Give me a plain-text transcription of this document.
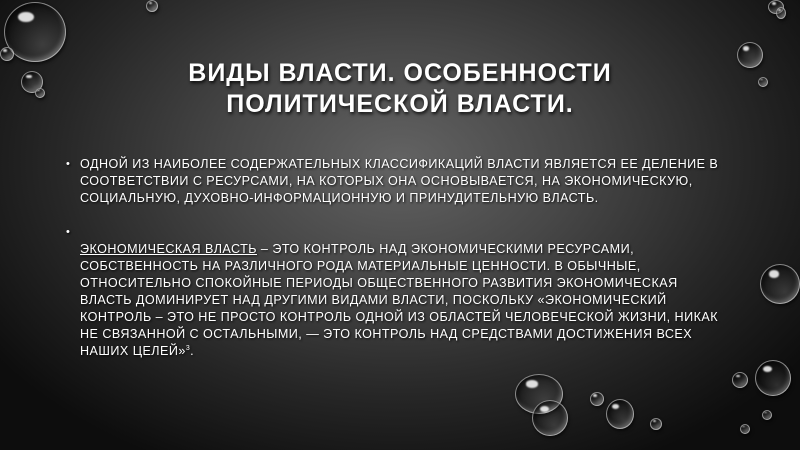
ВИДЫ ВЛАСТИ. ОСОБЕННОСТИ
ПОЛИТИЧЕСКОЙ ВЛАСТИ.
• ОДНОЙ ИЗ НАИБОЛЕЕ СОДЕРЖАТЕЛЬНЫХ КЛАССИФИКАЦИЙ ВЛАСТИ ЯВЛЯЕТСЯ ЕЕ ДЕЛЕНИЕ В СООТВЕТСТВИИ С РЕСУРСАМИ, НА КОТОРЫХ ОНА ОСНОВЫВАЕТСЯ, НА ЭКОНОМИЧЕСКУЮ, СОЦИАЛЬНУЮ, ДУХОВНО-ИНФОРМАЦИОННУЮ И ПРИНУДИТЕЛЬНУЮ ВЛАСТЬ.
• ЭКОНОМИЧЕСКАЯ ВЛАСТЬ – ЭТО КОНТРОЛЬ НАД ЭКОНОМИЧЕСКИМИ РЕСУРСАМИ, СОБСТВЕННОСТЬ НА РАЗЛИЧНОГО РОДА МАТЕРИАЛЬНЫЕ ЦЕННОСТИ. В ОБЫЧНЫЕ, ОТНОСИТЕЛЬНО СПОКОЙНЫЕ ПЕРИОДЫ ОБЩЕСТВЕННОГО РАЗВИТИЯ ЭКОНОМИЧЕСКАЯ ВЛАСТЬ ДОМИНИРУЕТ НАД ДРУГИМИ ВИДАМИ ВЛАСТИ, ПОСКОЛЬКУ «ЭКОНОМИЧЕСКИЙ КОНТРОЛЬ – ЭТО НЕ ПРОСТО КОНТРОЛЬ ОДНОЙ ИЗ ОБЛАСТЕЙ ЧЕЛОВЕЧЕСКОЙ ЖИЗНИ, НИКАК НЕ СВЯЗАННОЙ С ОСТАЛЬНЫМИ, — ЭТО КОНТРОЛЬ НАД СРЕДСТВАМИ ДОСТИЖЕНИЯ ВСЕХ НАШИХ ЦЕЛЕЙ»$^3$.
